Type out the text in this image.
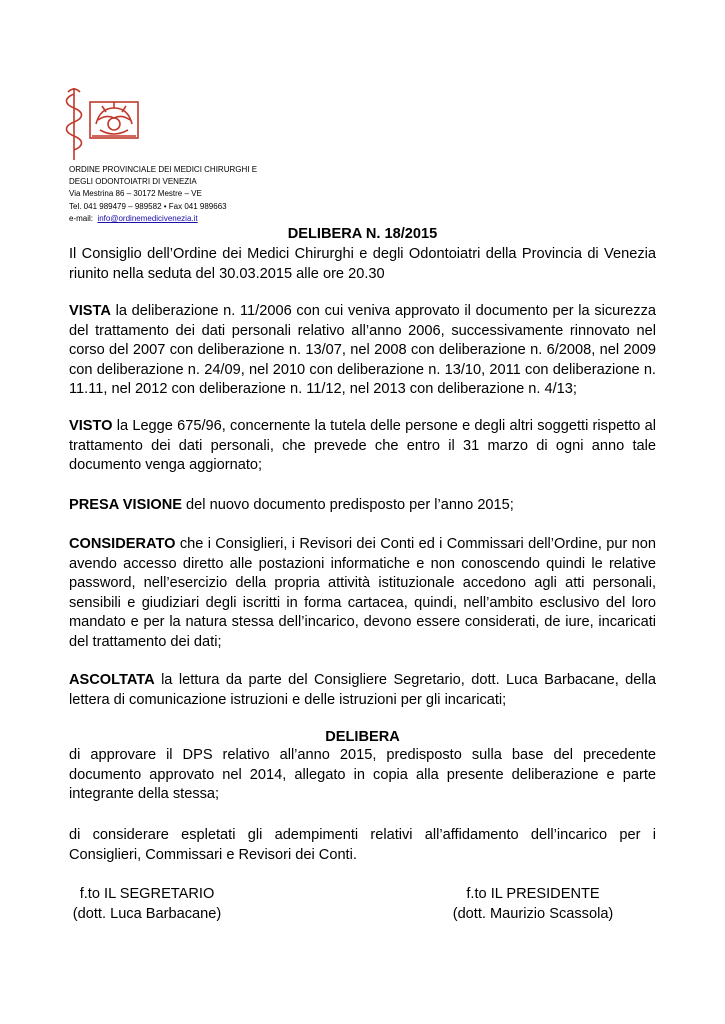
ORDINE PROVINCIALE DEI MEDICI CHIRURGHI E
DEGLI ODONTOIATRI DI VENEZIA
Via Mestrina 86 – 30172 Mestre – VE
Tel. 041 989479 – 989582 • Fax 041 989663
e-mail:  info@ordinemedicivenezia.it
DELIBERA N. 18/2015
Il Consiglio dell’Ordine dei Medici Chirurghi e degli Odontoiatri della Provincia di Venezia riunito nella seduta del 30.03.2015 alle ore 20.30
VISTA la deliberazione n. 11/2006 con cui veniva approvato il documento per la sicurezza del trattamento dei dati personali relativo all’anno 2006, successivamente rinnovato nel corso del 2007 con deliberazione n. 13/07, nel 2008 con deliberazione n. 6/2008, nel 2009 con deliberazione n. 24/09, nel 2010 con deliberazione n. 13/10, 2011 con deliberazione n. 11.11, nel 2012 con deliberazione n. 11/12, nel 2013 con deliberazione n. 4/13;
VISTO la Legge 675/96, concernente la tutela delle persone e degli altri soggetti rispetto al trattamento dei dati personali, che prevede che entro il 31 marzo di ogni anno tale documento venga aggiornato;
PRESA VISIONE del nuovo documento predisposto per l’anno 2015;
CONSIDERATO che i Consiglieri, i Revisori dei Conti ed i Commissari dell’Ordine, pur non avendo accesso diretto alle postazioni informatiche e non conoscendo quindi le relative password, nell’esercizio della propria attività istituzionale accedono agli atti personali, sensibili e giudiziari degli iscritti in forma cartacea, quindi, nell’ambito esclusivo del loro mandato e per la natura stessa dell’incarico, devono essere considerati, de iure, incaricati del trattamento dei dati;
ASCOLTATA la lettura da parte del Consigliere Segretario, dott. Luca Barbacane, della lettera di comunicazione istruzioni e delle istruzioni per gli incaricati;
DELIBERA
di approvare il DPS relativo all’anno 2015, predisposto sulla base del precedente documento approvato nel 2014, allegato in copia alla presente deliberazione e parte integrante della stessa;
di considerare espletati gli adempimenti relativi all’affidamento dell’incarico per i Consiglieri, Commissari e Revisori dei Conti.
f.to IL SEGRETARIO
(dott. Luca Barbacane)
f.to IL PRESIDENTE
(dott. Maurizio Scassola)
